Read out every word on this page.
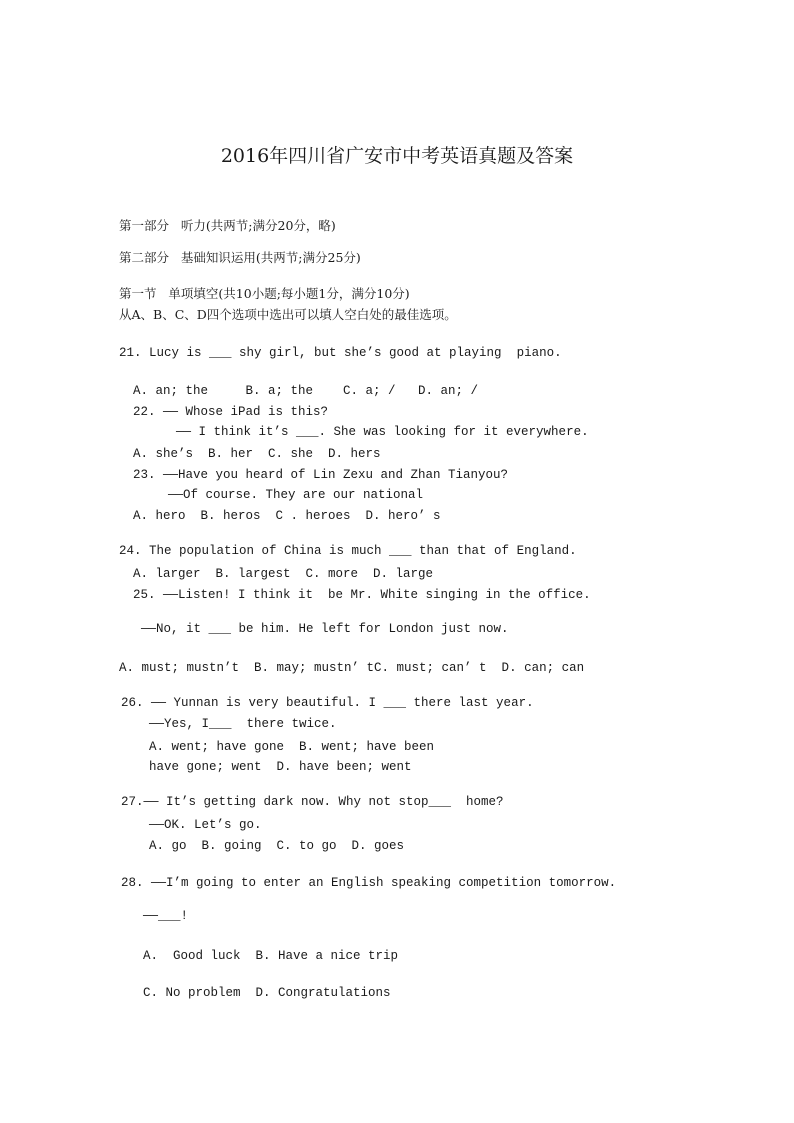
2016年四川省广安市中考英语真题及答案
第一部分   听力(共两节;满分20分，略)
第二部分   基础知识运用(共两节;满分25分)
第一节   单项填空(共10小题;每小题1分，满分10分)
从A、B、C、D四个选项中选出可以填人空白处的最佳选项。
21. Lucy is ___ shy girl, but she’s good at playing  piano.
A. an; the     B. a; the    C. a; /   D. an; /
22. —— Whose iPad is this?
—— I think it’s ___. She was looking for it everywhere.
A. she’s  B. her  C. she  D. hers
23. ——Have you heard of Lin Zexu and Zhan Tianyou?
——Of course. They are our national
A. hero  B. heros  C . heroes  D. hero’ s
24. The population of China is much ___ than that of England.
A. larger  B. largest  C. more  D. large
25. ——Listen! I think it  be Mr. White singing in the office.
——No, it ___ be him. He left for London just now.
A. must; mustn’t  B. may; mustn’ tC. must; can’ t  D. can; can
26. —— Yunnan is very beautiful. I ___ there last year.
——Yes, I___  there twice.
A. went; have gone  B. went; have been
have gone; went  D. have been; went
27.—— It’s getting dark now. Why not stop___  home?
——OK. Let’s go.
A. go  B. going  C. to go  D. goes
28. ——I’m going to enter an English speaking competition tomorrow.
——___!
A.  Good luck  B. Have a nice trip
C. No problem  D. Congratulations
